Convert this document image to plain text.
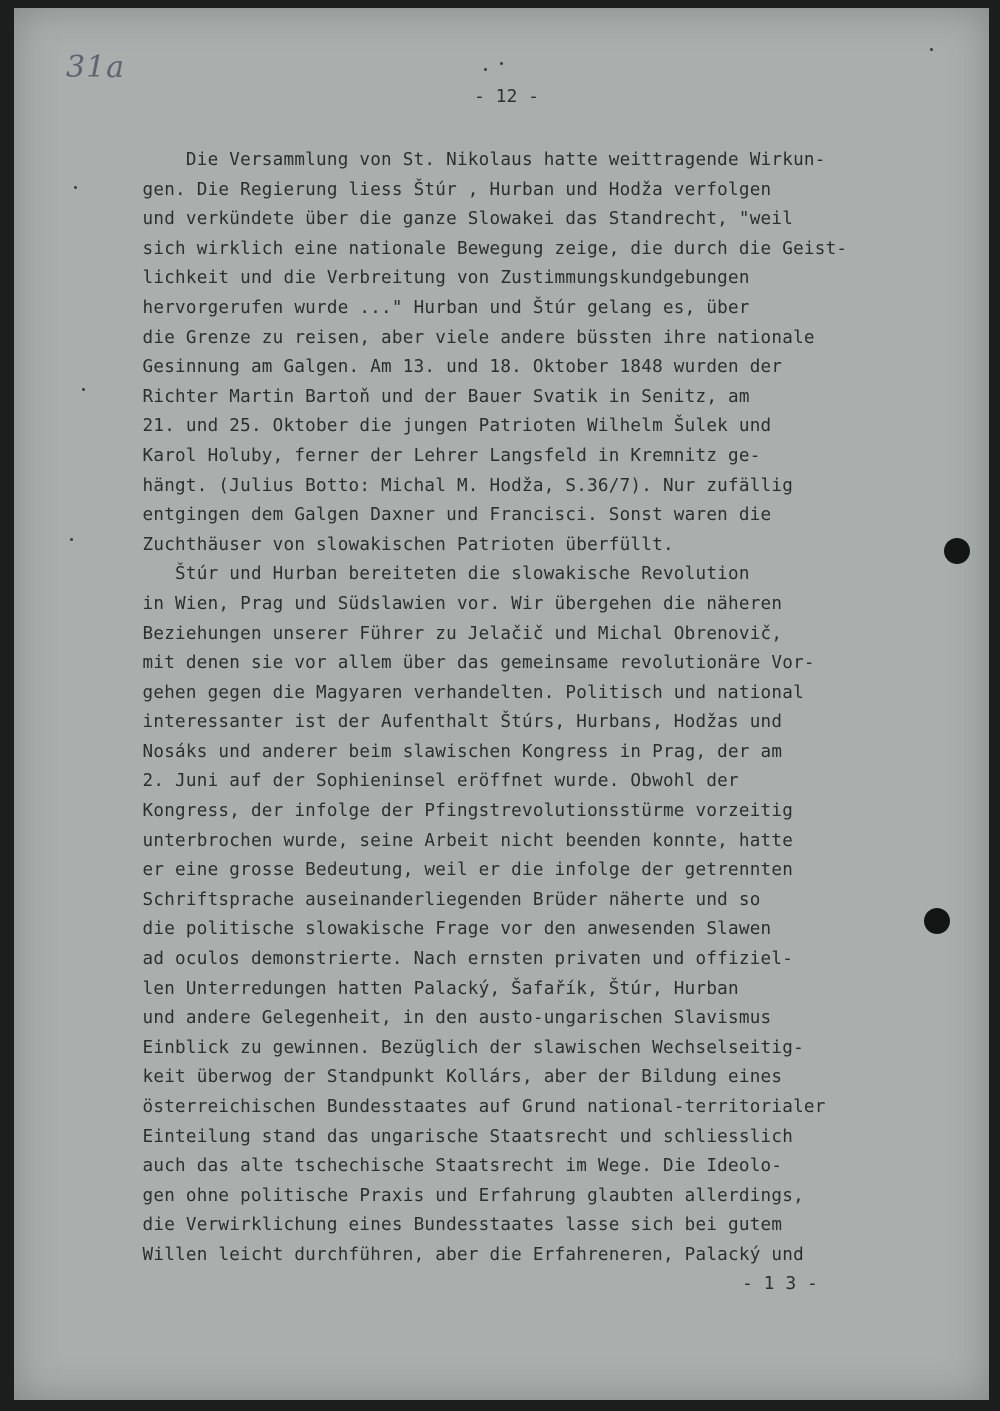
31a
- 12 -
Die Versammlung von St. Nikolaus hatte weittragende Wirkun-
gen. Die Regierung liess Štúr , Hurban und Hodža verfolgen
und verkündete über die ganze Slowakei das Standrecht, "weil
sich wirklich eine nationale Bewegung zeige, die durch die Geist-
lichkeit und die Verbreitung von Zustimmungskundgebungen
hervorgerufen wurde ..." Hurban und Štúr gelang es, über
die Grenze zu reisen, aber viele andere büssten ihre nationale
Gesinnung am Galgen. Am 13. und 18. Oktober 1848 wurden der
Richter Martin Bartoň und der Bauer Svatik in Senitz, am
21. und 25. Oktober die jungen Patrioten Wilhelm Šulek und
Karol Holuby, ferner der Lehrer Langsfeld in Kremnitz ge-
hängt. (Julius Botto: Michal M. Hodža, S.36/7). Nur zufällig
entgingen dem Galgen Daxner und Francisci. Sonst waren die
Zuchthäuser von slowakischen Patrioten überfüllt.
Štúr und Hurban bereiteten die slowakische Revolution
in Wien, Prag und Südslawien vor. Wir übergehen die näheren
Beziehungen unserer Führer zu Jelačič und Michal Obrenovič,
mit denen sie vor allem über das gemeinsame revolutionäre Vor-
gehen gegen die Magyaren verhandelten. Politisch und national
interessanter ist der Aufenthalt Štúrs, Hurbans, Hodžas und
Nosáks und anderer beim slawischen Kongress in Prag, der am
2. Juni auf der Sophieninsel eröffnet wurde. Obwohl der
Kongress, der infolge der Pfingstrevolutionsstürme vorzeitig
unterbrochen wurde, seine Arbeit nicht beenden konnte, hatte
er eine grosse Bedeutung, weil er die infolge der getrennten
Schriftsprache auseinanderliegenden Brüder näherte und so
die politische slowakische Frage vor den anwesenden Slawen
ad oculos demonstrierte. Nach ernsten privaten und offiziel-
len Unterredungen hatten Palacký, Šafařík, Štúr, Hurban
und andere Gelegenheit, in den austo-ungarischen Slavismus
Einblick zu gewinnen. Bezüglich der slawischen Wechselseitig-
keit überwog der Standpunkt Kollárs, aber der Bildung eines
österreichischen Bundesstaates auf Grund national-territorialer
Einteilung stand das ungarische Staatsrecht und schliesslich
auch das alte tschechische Staatsrecht im Wege. Die Ideolo-
gen ohne politische Praxis und Erfahrung glaubten allerdings,
die Verwirklichung eines Bundesstaates lasse sich bei gutem
Willen leicht durchführen, aber die Erfahreneren, Palacký und
- 1 3 -
